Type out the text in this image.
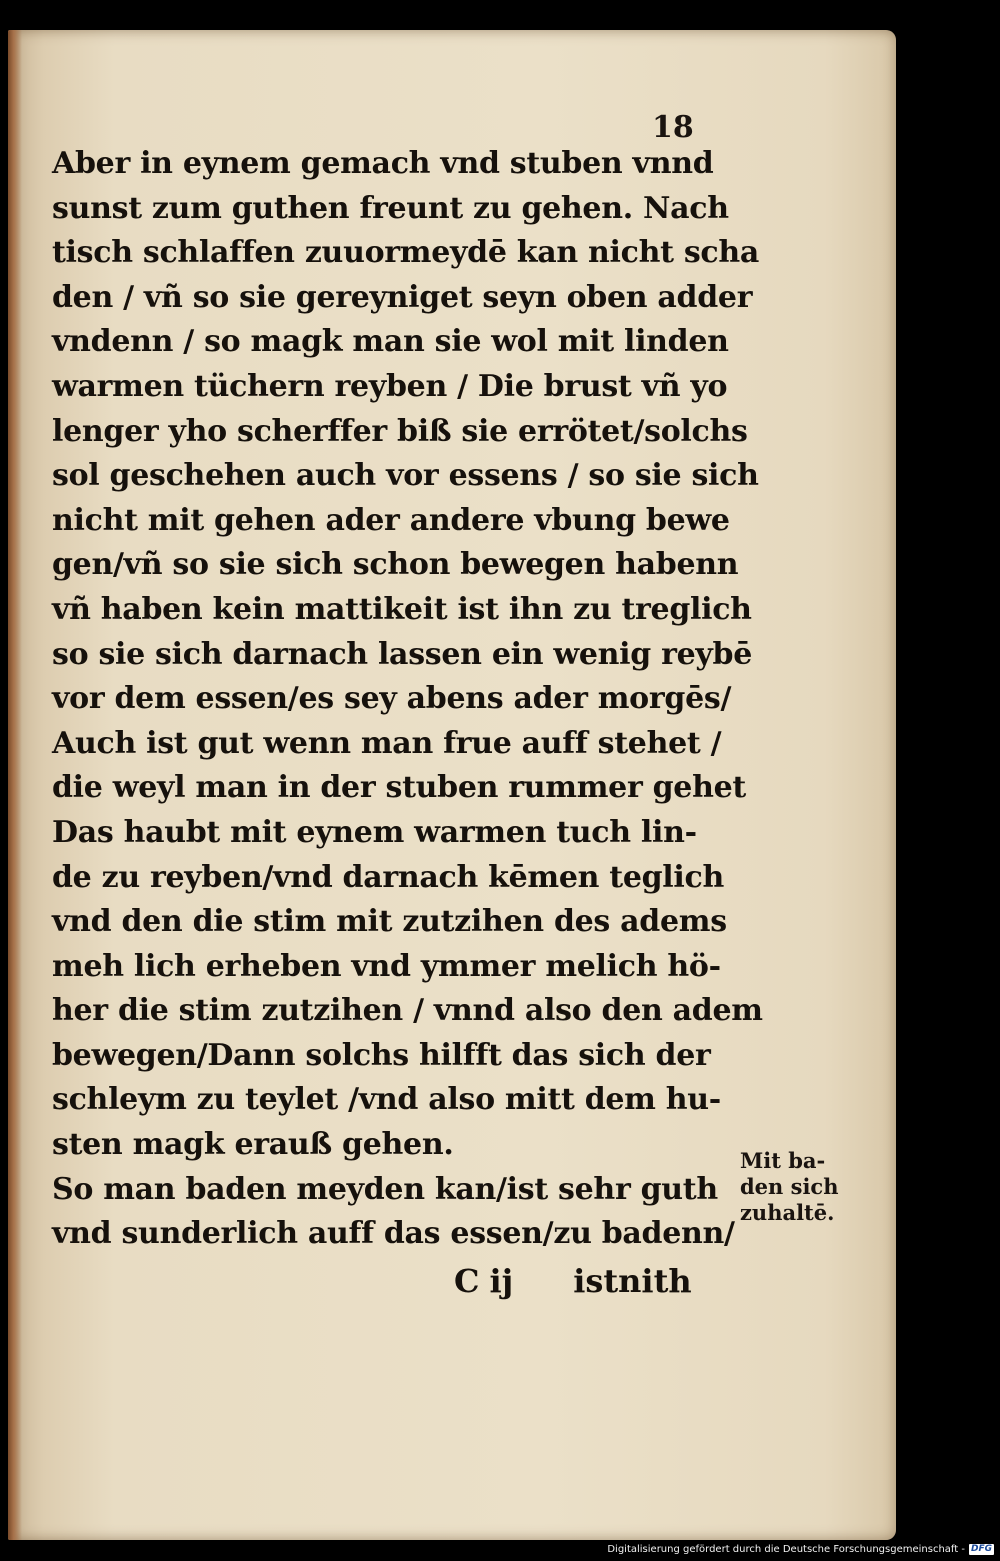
18
Aber in eynem gemach vnd stuben vnnd
sunst zum guthen freunt zu gehen. Nach
tisch schlaffen zuuormeydē kan nicht scha
den / vñ so sie gereyniget seyn oben adder
vndenn / so magk man sie wol mit linden
warmen tüchern reyben / Die brust vñ yo
lenger yho scherffer biß sie errötet/solchs
sol geschehen auch vor essens / so sie sich
nicht mit gehen ader andere vbung bewe
gen/vñ so sie sich schon bewegen habenn
vñ haben kein mattikeit ist ihn zu treglich
so sie sich darnach lassen ein wenig reybē
vor dem essen/es sey abens ader morgēs/
Auch ist gut wenn man frue auff stehet /
die weyl man in der stuben rummer gehet
Das haubt mit eynem warmen tuch lin-
de zu reyben/vnd darnach kēmen teglich
vnd den die stim mit zutzihen des adems
meh lich erheben vnd ymmer melich hö-
her die stim zutzihen / vnnd also den adem
bewegen/Dann solchs hilfft das sich der
schleym zu teylet /vnd also mitt dem hu-
sten magk erauß gehen.
So man baden meyden kan/ist sehr guth
vnd sunderlich auff das essen/zu badenn/
Mit ba-
den sich
zuhaltē.
C ij istnith
Digitalisierung gefördert durch die Deutsche Forschungsgemeinschaft - DFG
